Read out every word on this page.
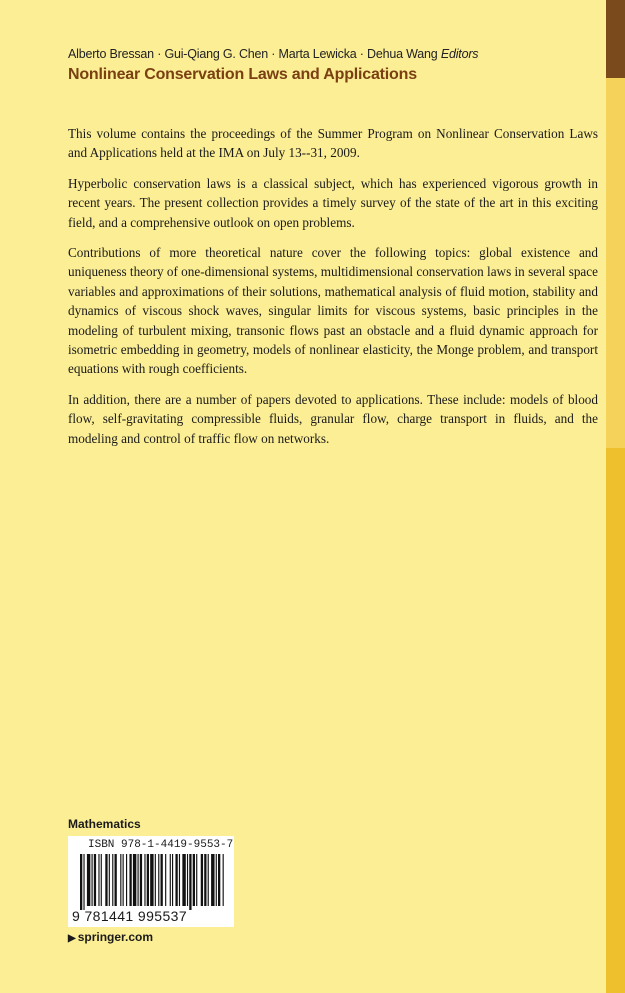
Alberto Bressan · Gui-Qiang G. Chen · Marta Lewicka · Dehua Wang Editors
Nonlinear Conservation Laws and Applications

This volume contains the proceedings of the Summer Program on Nonlinear Conservation Laws and Applications held at the IMA on July 13--31, 2009.

Hyperbolic conservation laws is a classical subject, which has experienced vigorous growth in recent years. The present collection provides a timely survey of the state of the art in this exciting field, and a comprehensive outlook on open problems.

Contributions of more theoretical nature cover the following topics: global existence and uniqueness theory of one-dimensional systems, multidimensional conservation laws in several space variables and approximations of their solutions, mathematical analysis of fluid motion, stability and dynamics of viscous shock waves, singular limits for viscous systems, basic principles in the modeling of turbulent mixing, transonic flows past an obstacle and a fluid dynamic approach for isometric embedding in geometry, models of nonlinear elasticity, the Monge problem, and transport equations with rough coefficients.

In addition, there are a number of papers devoted to applications. These include: models of blood flow, self-gravitating compressible fluids, granular flow, charge transport in fluids, and the modeling and control of traffic flow on networks.

Mathematics
ISBN 978-1-4419-9553-7
9 781441 995537
▶ springer.com
